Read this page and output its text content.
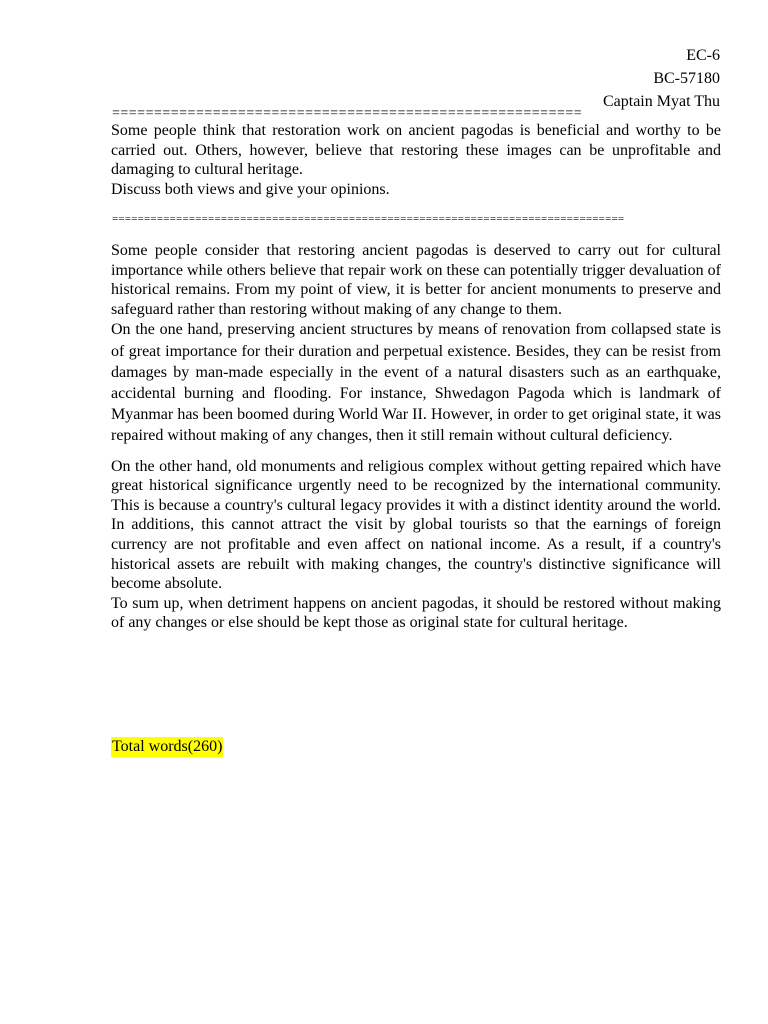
EC-6
BC-57180
Captain Myat Thu
========================================================

Some people think that restoration work on ancient pagodas is beneficial and worthy to be carried out. Others, however, believe that restoring these images can be unprofitable and damaging to cultural heritage.

Discuss both views and give your opinions.

================================================================================

Some people consider that restoring ancient pagodas is deserved to carry out for cultural importance while others believe that repair work on these can potentially trigger devaluation of historical remains. From my point of view, it is better for ancient monuments to preserve and safeguard rather than restoring without making of any change to them.

On the one hand, preserving ancient structures by means of renovation from collapsed state is of great importance for their duration and perpetual existence. Besides, they can be resist from damages by man-made especially in the event of a natural disasters such as an earthquake, accidental burning and flooding. For instance, Shwedagon Pagoda which is landmark of Myanmar has been boomed during World War II. However, in order to get original state, it was repaired without making of any changes, then it still remain without cultural deficiency.

On the other hand, old monuments and religious complex without getting repaired which have great historical significance urgently need to be recognized by the international community. This is because a country's cultural legacy provides it with a distinct identity around the world. In additions, this cannot attract the visit by global tourists so that the earnings of foreign currency are not profitable and even affect on national income. As a result, if a country's historical assets are rebuilt with making changes, the country's distinctive significance will become absolute.

To sum up, when detriment happens on ancient pagodas, it should be restored without making of any changes or else should be kept those as original state for cultural heritage.

Total words(260)
